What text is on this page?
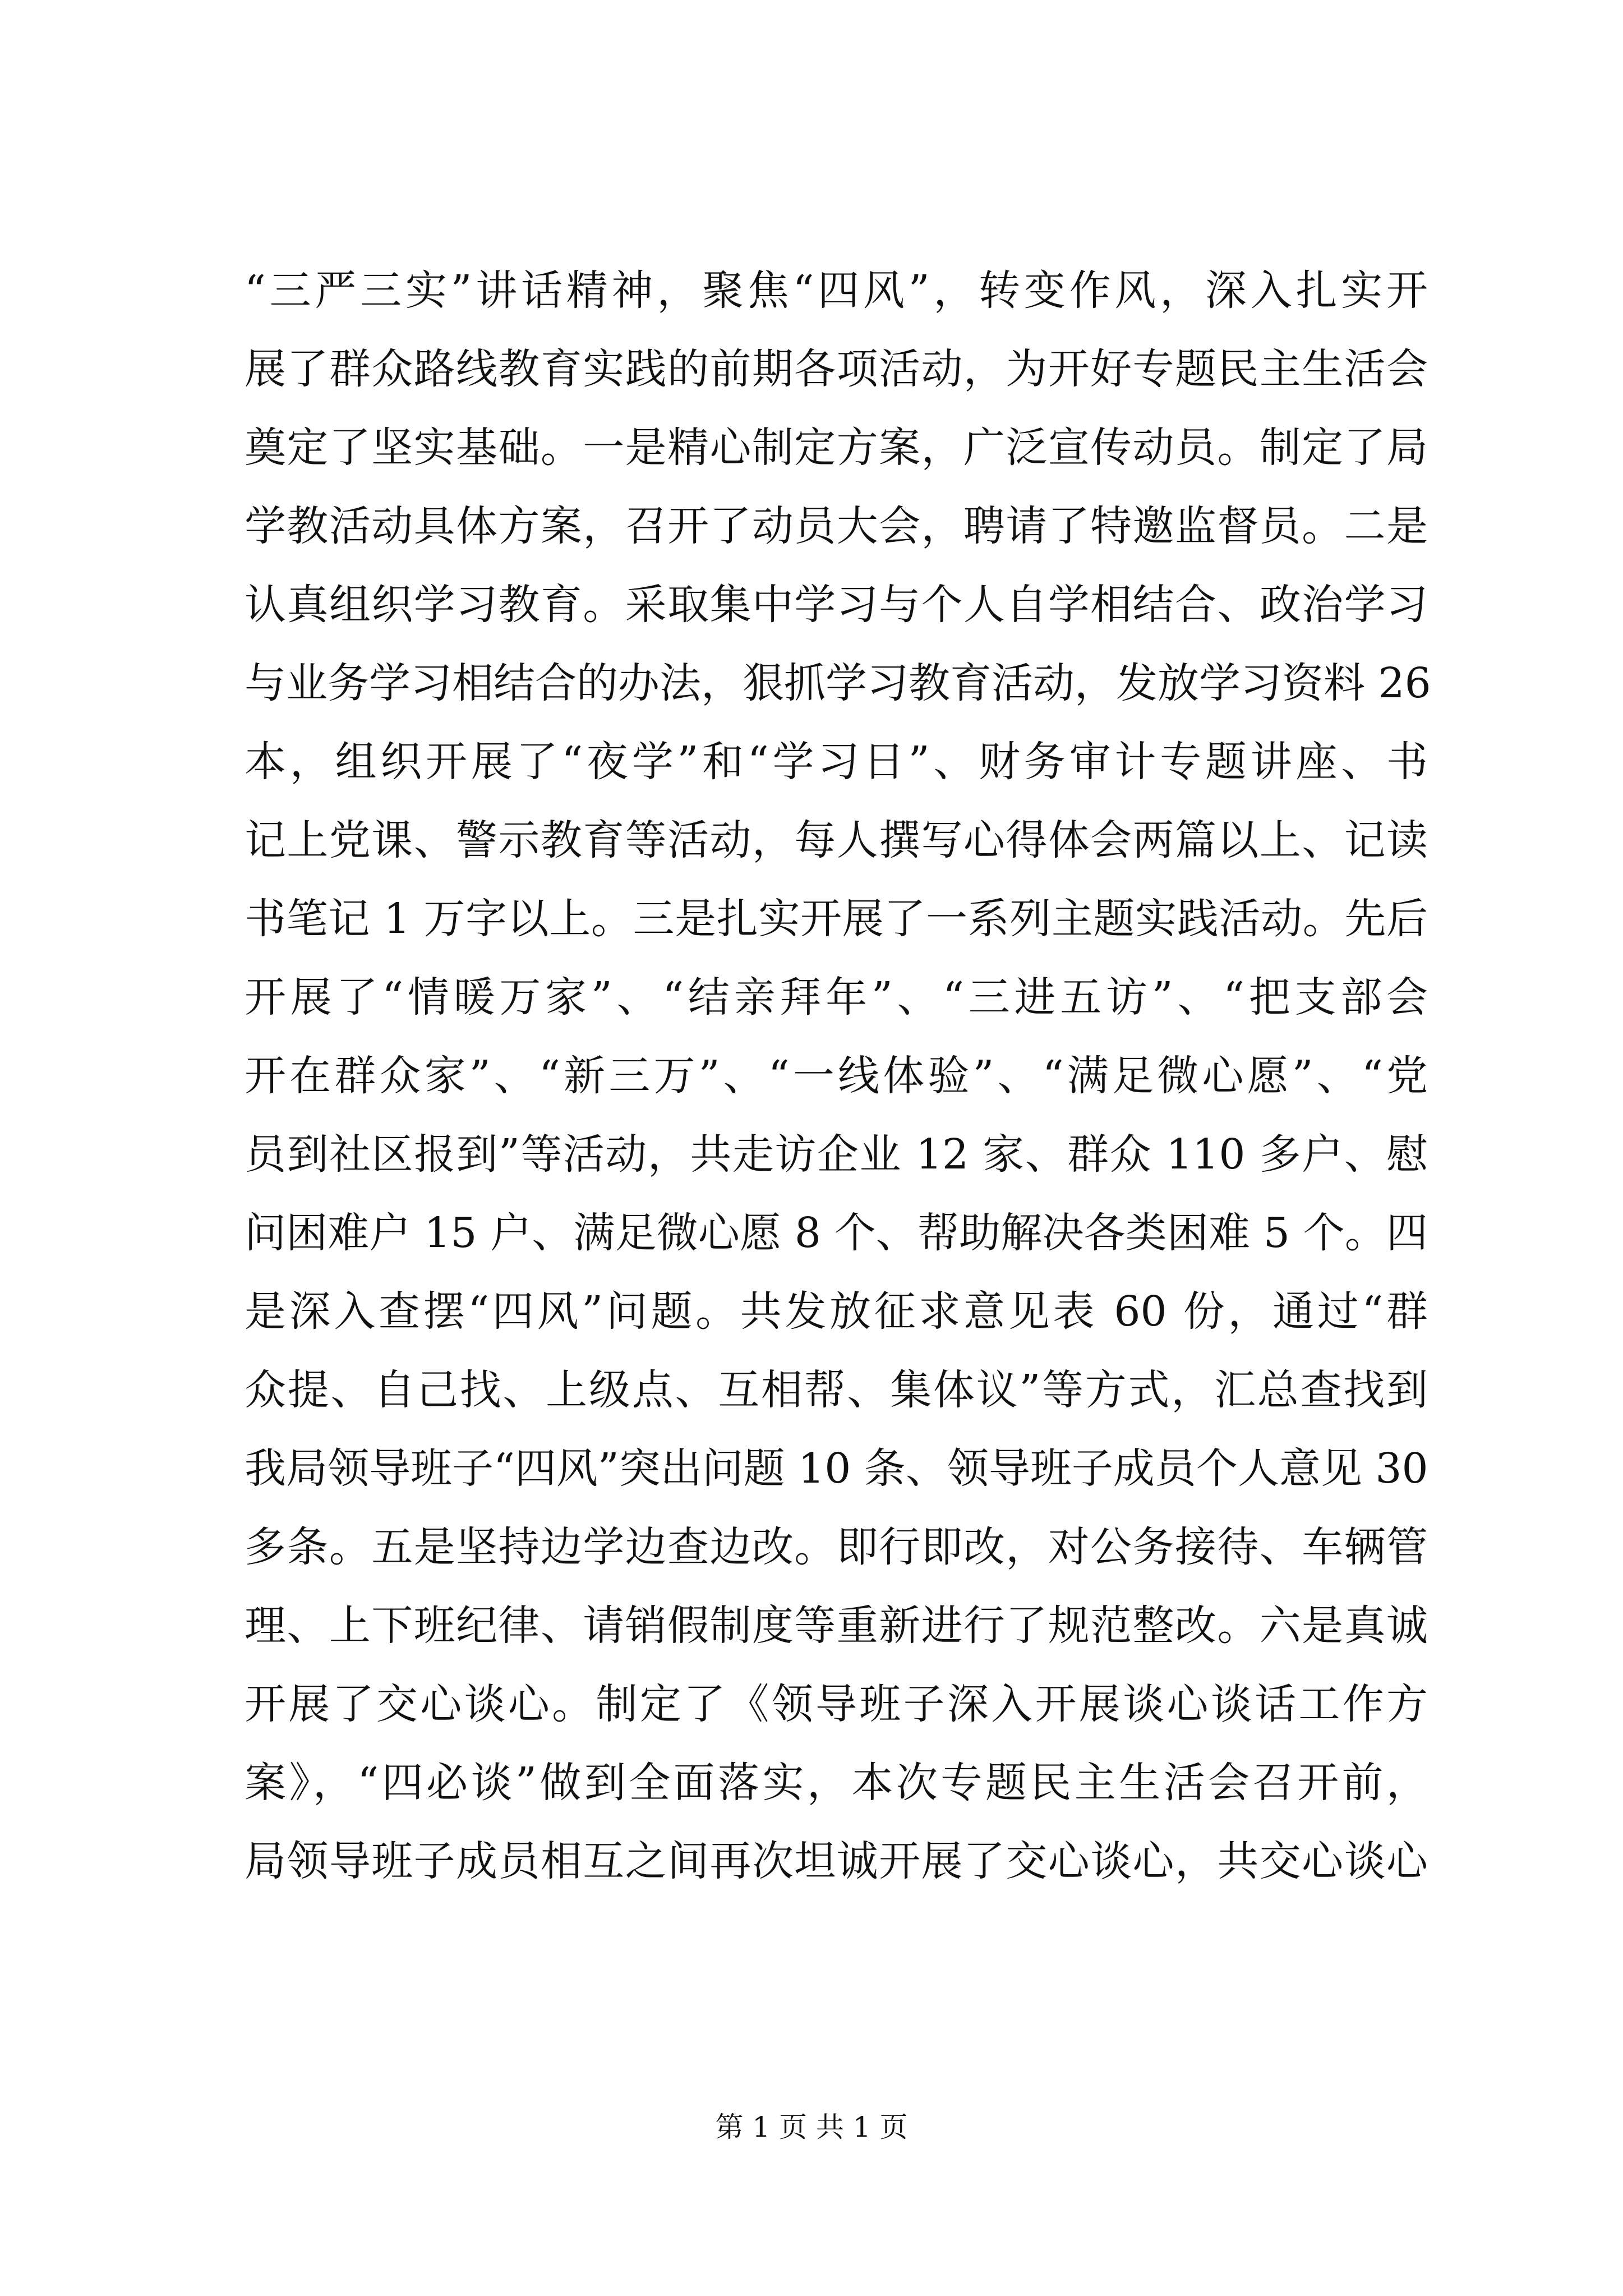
“三严三实”讲话精神，聚焦“四风”，转变作风，深入扎实开
展了群众路线教育实践的前期各项活动，为开好专题民主生活会
奠定了坚实基础。一是精心制定方案，广泛宣传动员。制定了局
学教活动具体方案，召开了动员大会，聘请了特邀监督员。二是
认真组织学习教育。采取集中学习与个人自学相结合、政治学习
与业务学习相结合的办法，狠抓学习教育活动，发放学习资料 26
本，组织开展了“夜学”和“学习日”、财务审计专题讲座、书
记上党课、警示教育等活动，每人撰写心得体会两篇以上、记读
书笔记 1 万字以上。三是扎实开展了一系列主题实践活动。先后
开展了“情暖万家”、“结亲拜年”、“三进五访”、“把支部会
开在群众家”、“新三万”、“一线体验”、“满足微心愿”、“党
员到社区报到”等活动，共走访企业 12 家、群众 110 多户、慰
问困难户 15 户、满足微心愿 8 个、帮助解决各类困难 5 个。四
是深入查摆“四风”问题。共发放征求意见表 60 份，通过“群
众提、自己找、上级点、互相帮、集体议”等方式，汇总查找到
我局领导班子“四风”突出问题 10 条、领导班子成员个人意见 30
多条。五是坚持边学边查边改。即行即改，对公务接待、车辆管
理、上下班纪律、请销假制度等重新进行了规范整改。六是真诚
开展了交心谈心。制定了《领导班子深入开展谈心谈话工作方
案》，“四必谈”做到全面落实，本次专题民主生活会召开前，
局领导班子成员相互之间再次坦诚开展了交心谈心，共交心谈心
第 1 页 共 1 页
